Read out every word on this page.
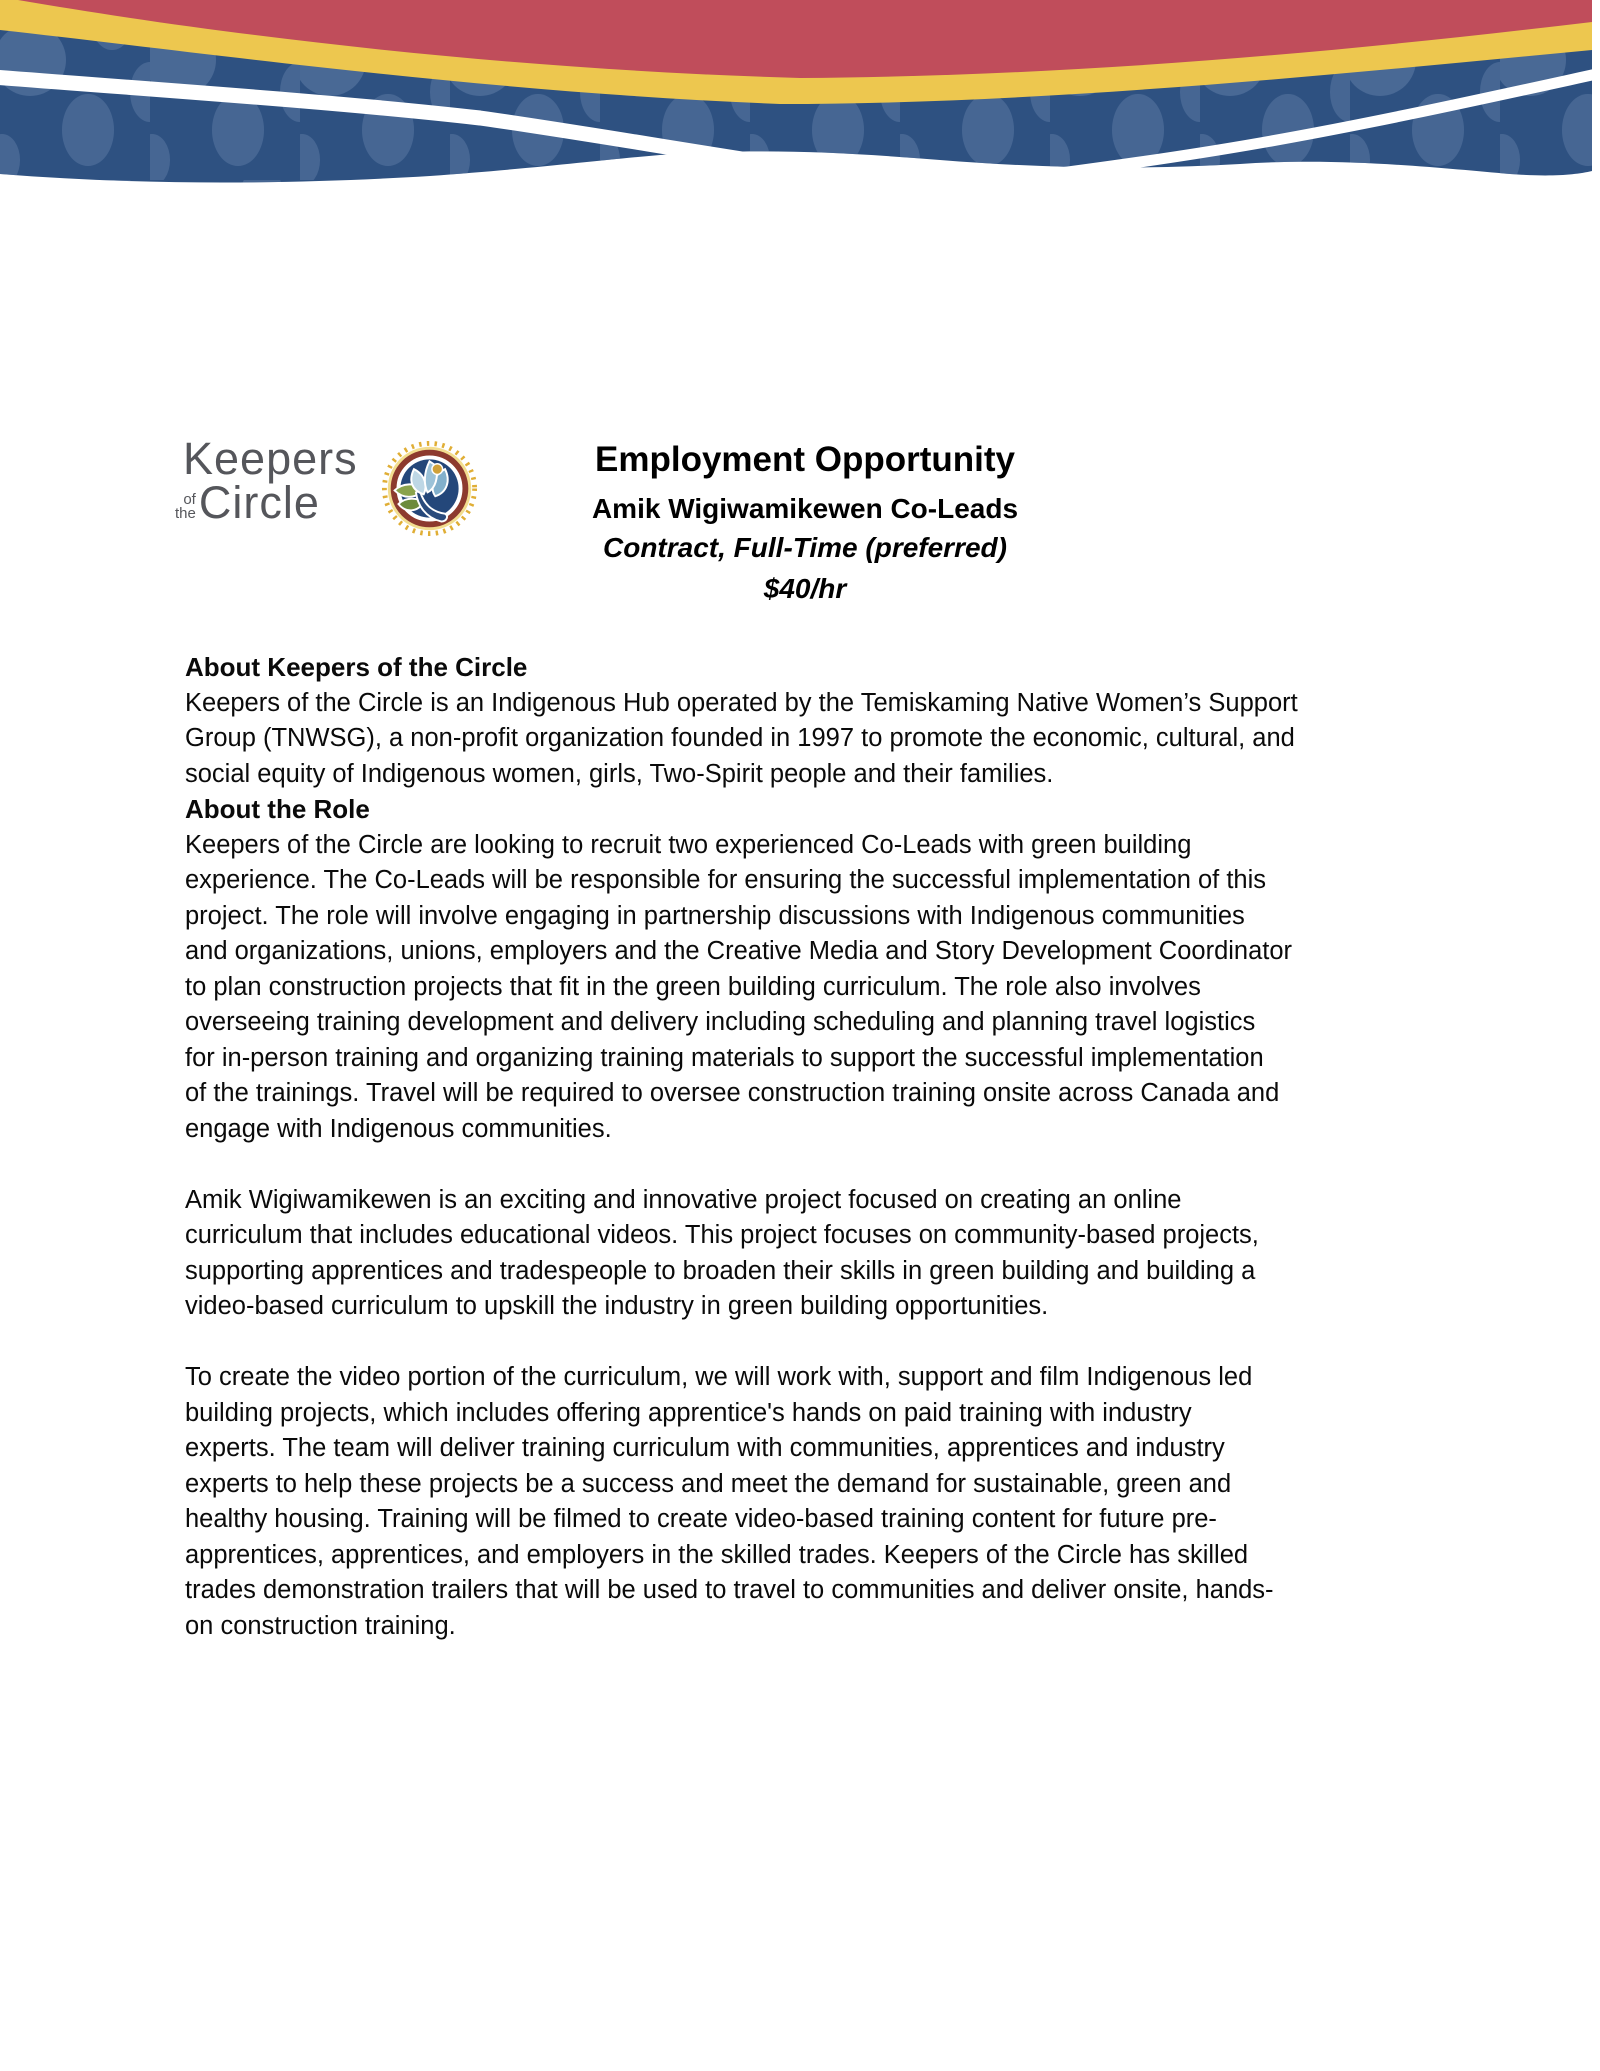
Keepers
of
the Circle
Employment Opportunity
Amik Wigiwamikewen Co-Leads
Contract, Full-Time (preferred)
$40/hr
About Keepers of the Circle

Keepers of the Circle is an Indigenous Hub operated by the Temiskaming Native Women’s Support
Group (TNWSG), a non-profit organization founded in 1997 to promote the economic, cultural, and
social equity of Indigenous women, girls, Two-Spirit people and their families.

About the Role

Keepers of the Circle are looking to recruit two experienced Co-Leads with green building
experience. The Co-Leads will be responsible for ensuring the successful implementation of this
project. The role will involve engaging in partnership discussions with Indigenous communities
and organizations, unions, employers and the Creative Media and Story Development Coordinator
to plan construction projects that fit in the green building curriculum. The role also involves
overseeing training development and delivery including scheduling and planning travel logistics
for in-person training and organizing training materials to support the successful implementation
of the trainings. Travel will be required to oversee construction training onsite across Canada and
engage with Indigenous communities.

Amik Wigiwamikewen is an exciting and innovative project focused on creating an online
curriculum that includes educational videos. This project focuses on community-based projects,
supporting apprentices and tradespeople to broaden their skills in green building and building a
video-based curriculum to upskill the industry in green building opportunities.

To create the video portion of the curriculum, we will work with, support and film Indigenous led
building projects, which includes offering apprentice's hands on paid training with industry
experts. The team will deliver training curriculum with communities, apprentices and industry
experts to help these projects be a success and meet the demand for sustainable, green and
healthy housing. Training will be filmed to create video-based training content for future pre-
apprentices, apprentices, and employers in the skilled trades. Keepers of the Circle has skilled
trades demonstration trailers that will be used to travel to communities and deliver onsite, hands-
on construction training.
